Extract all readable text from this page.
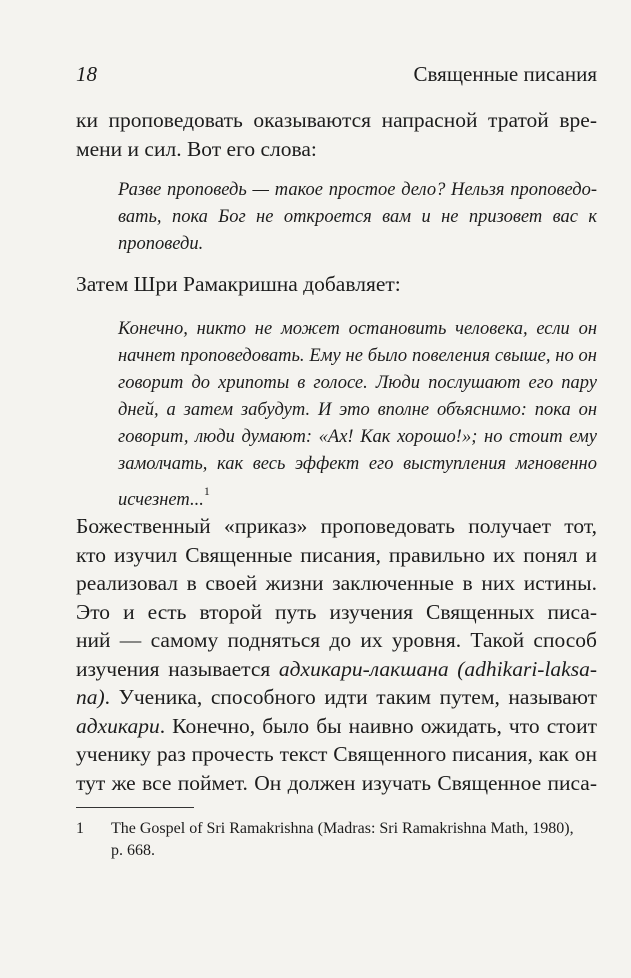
18	Священные писания
ки проповедовать оказываются напрасной тратой вре-
мени и сил. Вот его слова:
Разве проповедь — такое простое дело? Нельзя проповедо-
вать, пока Бог не откроется вам и не призовет вас к
проповеди.
Затем Шри Рамакришна добавляет:
Конечно, никто не может остановить человека, если он
начнет проповедовать. Ему не было повеления свыше, но он
говорит до хрипоты в голосе. Люди послушают его пару
дней, а затем забудут. И это вполне объяснимо: пока он
говорит, люди думают: «Ах! Как хорошо!»; но стоит ему
замолчать, как весь эффект его выступления мгновенно
исчезнет...$^1$
Божественный «приказ» проповедовать получает тот,
кто изучил Священные писания, правильно их понял и
реализовал в своей жизни заключенные в них истины.
Это и есть второй путь изучения Священных писа-
ний — самому подняться до их уровня. Такой способ
изучения называется адхикари-лакшана (adhikari-laksa-
na). Ученика, способного идти таким путем, называют
адхикари. Конечно, было бы наивно ожидать, что стоит
ученику раз прочесть текст Священного писания, как он
тут же все поймет. Он должен изучать Священное писа-
1 The Gospel of Sri Ramakrishna (Madras: Sri Ramakrishna Math, 1980),
p. 668.
